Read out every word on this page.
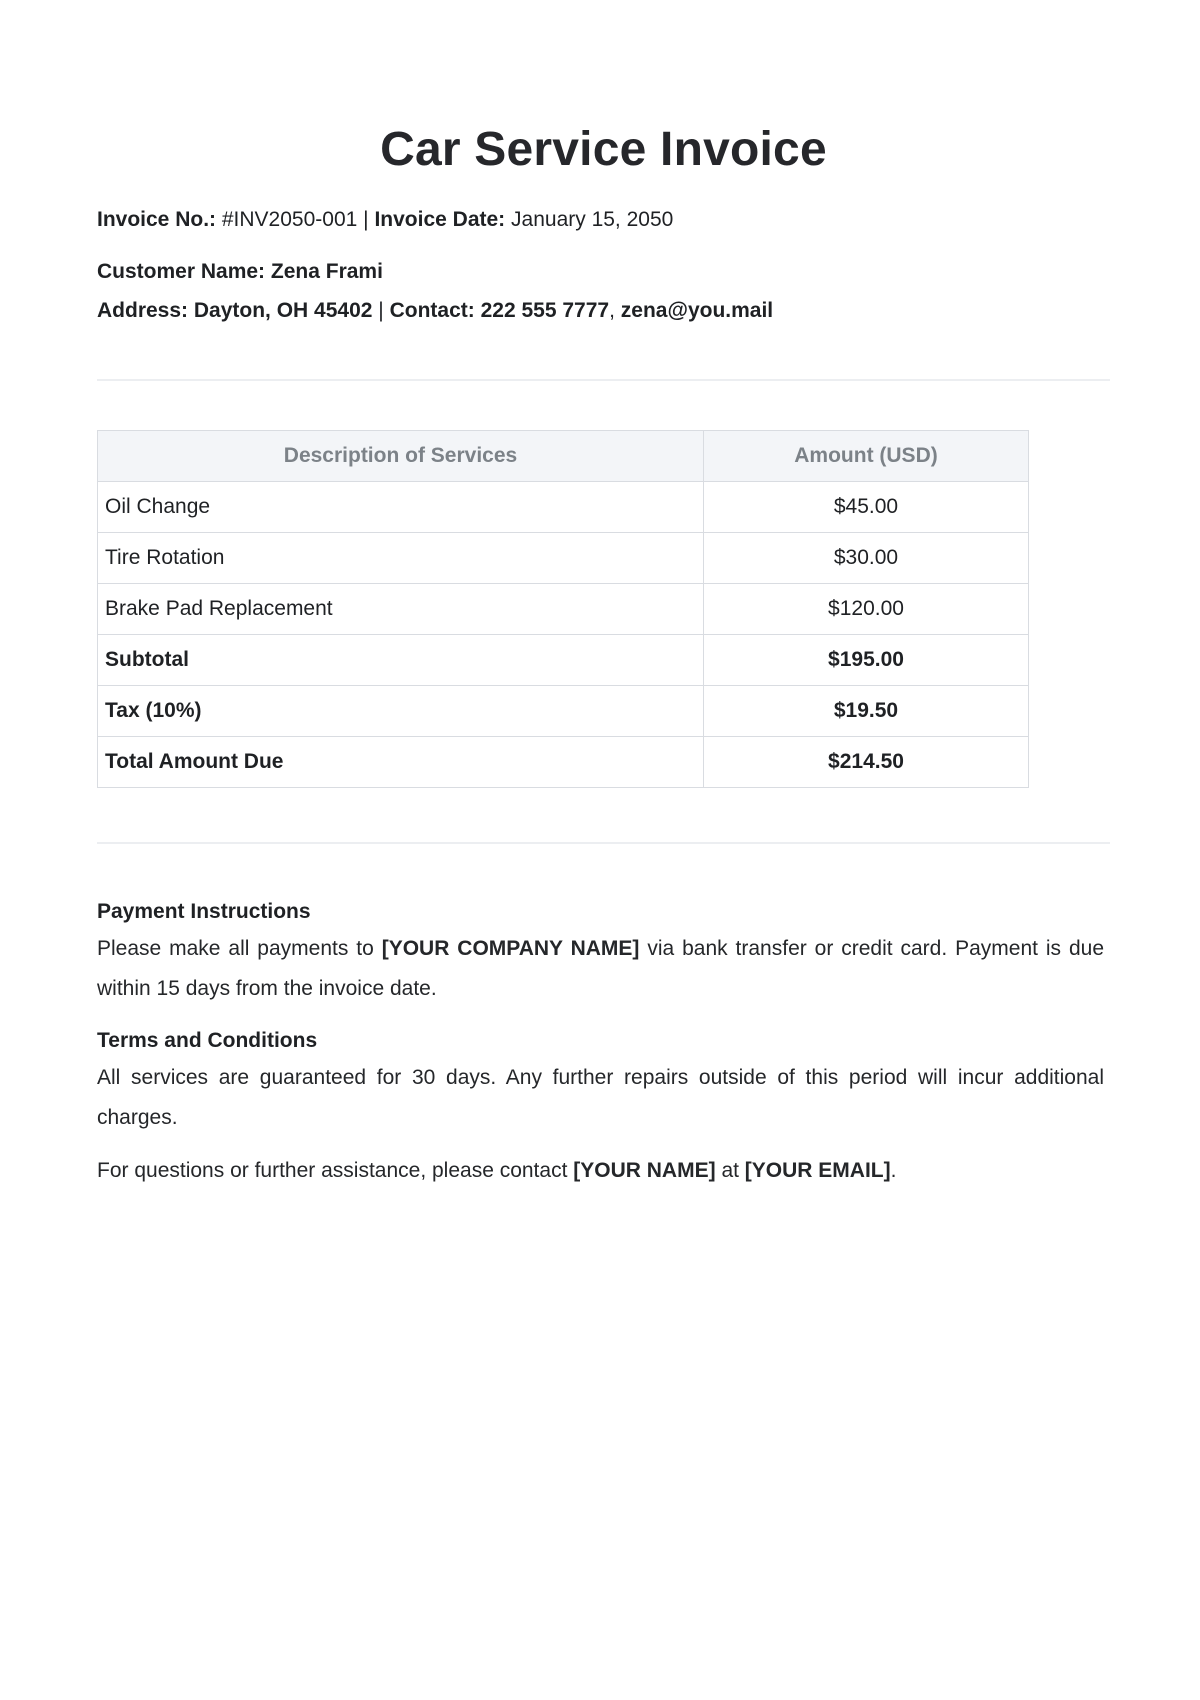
Car Service Invoice
Invoice No.: #INV2050-001 | Invoice Date: January 15, 2050
Customer Name: Zena Frami
Address: Dayton, OH 45402 | Contact: 222 555 7777, zena@you.mail
Description of Services	Amount (USD)
Oil Change	$45.00
Tire Rotation	$30.00
Brake Pad Replacement	$120.00
Subtotal	$195.00
Tax (10%)	$19.50
Total Amount Due	$214.50
Payment Instructions

Please make all payments to [YOUR COMPANY NAME] via bank transfer or credit card. Payment is due within 15 days from the invoice date.

Terms and Conditions

All services are guaranteed for 30 days. Any further repairs outside of this period will incur additional charges.

For questions or further assistance, please contact [YOUR NAME] at [YOUR EMAIL].
